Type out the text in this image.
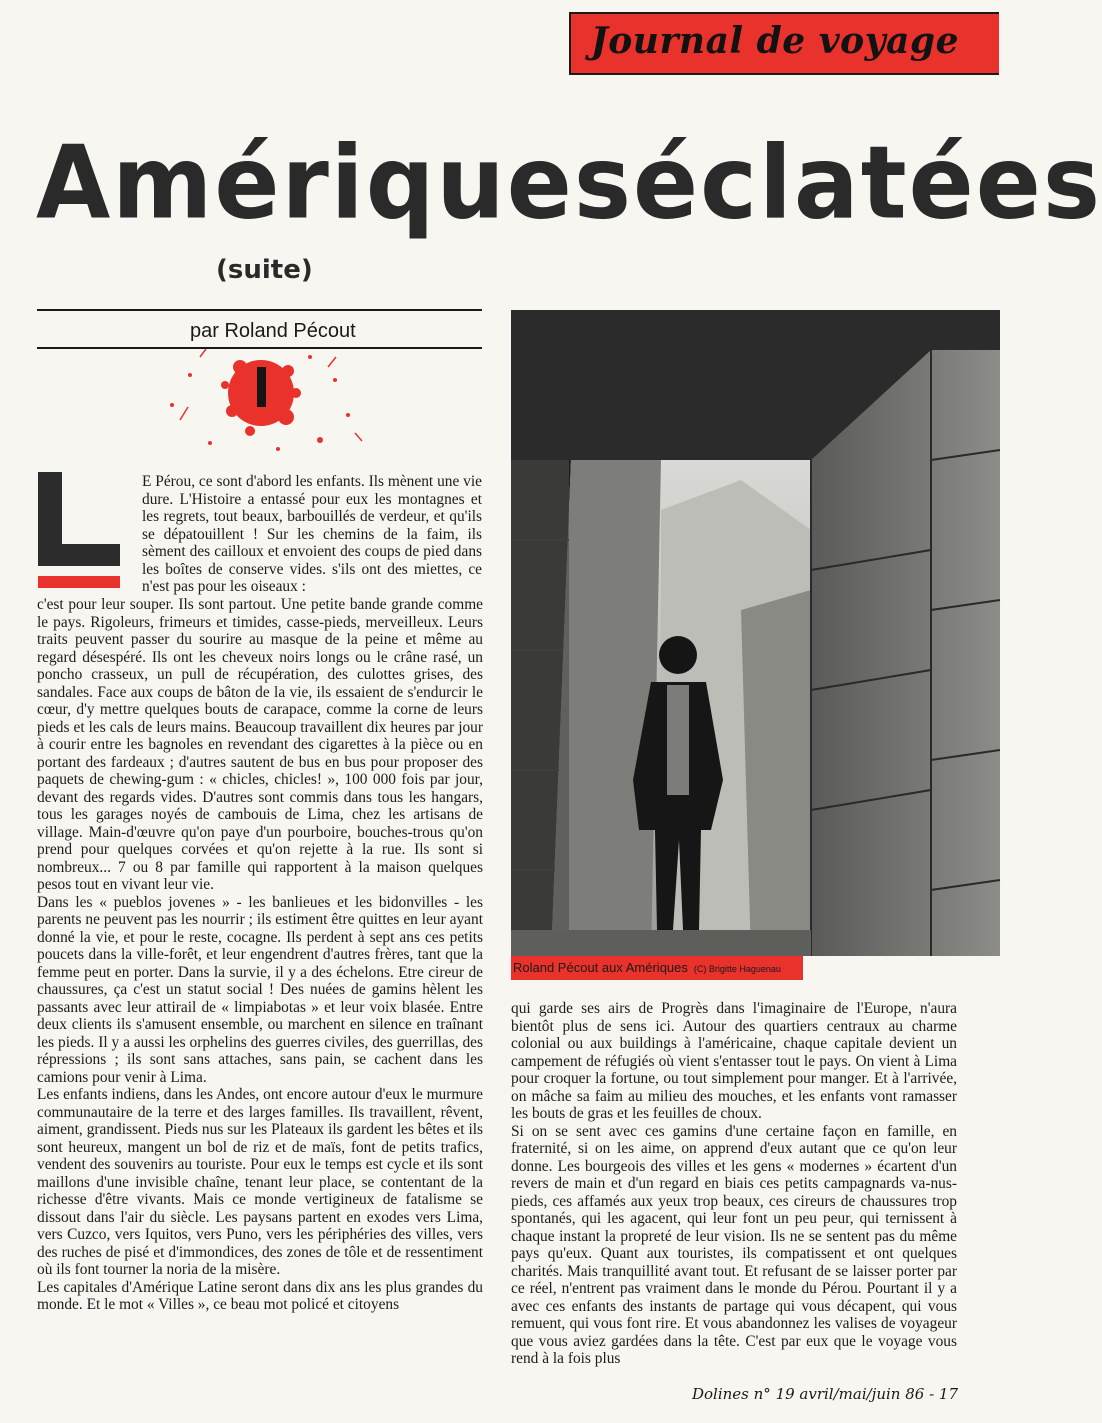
Journal de voyage
Amériques éclatées
(suite)
par Roland Pécout
L

E Pérou, ce sont d'abord les enfants. Ils mènent une vie dure. L'Histoire a entassé pour eux les montagnes et les regrets, tout beaux, barbouillés de verdeur, et qu'ils se dépatouillent ! Sur les chemins de la faim, ils sèment des cailloux et envoient des coups de pied dans les boîtes de conserve vides. s'ils ont des miettes, ce n'est pas pour les oiseaux :

c'est pour leur souper. Ils sont partout. Une petite bande grande comme le pays. Rigoleurs, frimeurs et timides, casse-pieds, merveilleux. Leurs traits peuvent passer du sourire au masque de la peine et même au regard désespéré. Ils ont les cheveux noirs longs ou le crâne rasé, un poncho crasseux, un pull de récupération, des culottes grises, des sandales. Face aux coups de bâton de la vie, ils essaient de s'endurcir le cœur, d'y mettre quelques bouts de carapace, comme la corne de leurs pieds et les cals de leurs mains. Beaucoup travaillent dix heures par jour à courir entre les bagnoles en revendant des cigarettes à la pièce ou en portant des fardeaux ; d'autres sautent de bus en bus pour proposer des paquets de chewing-gum : « chicles, chicles! », 100 000 fois par jour, devant des regards vides. D'autres sont commis dans tous les hangars, tous les garages noyés de cambouis de Lima, chez les artisans de village. Main-d'œuvre qu'on paye d'un pourboire, bouches-trous qu'on prend pour quelques corvées et qu'on rejette à la rue. Ils sont si nombreux... 7 ou 8 par famille qui rapportent à la maison quelques pesos tout en vivant leur vie.

Dans les « pueblos jovenes » - les banlieues et les bidonvilles - les parents ne peuvent pas les nourrir ; ils estiment être quittes en leur ayant donné la vie, et pour le reste, cocagne. Ils perdent à sept ans ces petits poucets dans la ville-forêt, et leur engendrent d'autres frères, tant que la femme peut en porter. Dans la survie, il y a des échelons. Etre cireur de chaussures, ça c'est un statut social ! Des nuées de gamins hèlent les passants avec leur attirail de « limpiabotas » et leur voix blasée. Entre deux clients ils s'amusent ensemble, ou marchent en silence en traînant les pieds. Il y a aussi les orphelins des guerres civiles, des guerrillas, des répressions ; ils sont sans attaches, sans pain, se cachent dans les camions pour venir à Lima.

Les enfants indiens, dans les Andes, ont encore autour d'eux le murmure communautaire de la terre et des larges familles. Ils travaillent, rêvent, aiment, grandissent. Pieds nus sur les Plateaux ils gardent les bêtes et ils sont heureux, mangent un bol de riz et de maïs, font de petits trafics, vendent des souvenirs au touriste. Pour eux le temps est cycle et ils sont maillons d'une invisible chaîne, tenant leur place, se contentant de la richesse d'être vivants. Mais ce monde vertigineux de fatalisme se dissout dans l'air du siècle. Les paysans partent en exodes vers Lima, vers Cuzco, vers Iquitos, vers Puno, vers les périphéries des villes, vers des ruches de pisé et d'immondices, des zones de tôle et de ressentiment où ils font tourner la noria de la misère.

Les capitales d'Amérique Latine seront dans dix ans les plus grandes du monde. Et le mot « Villes », ce beau mot policé et citoyens

Roland Pécout aux Amériques (C) Brigitte Haguenau

qui garde ses airs de Progrès dans l'imaginaire de l'Europe, n'aura bientôt plus de sens ici. Autour des quartiers centraux au charme colonial ou aux buildings à l'américaine, chaque capitale devient un campement de réfugiés où vient s'entasser tout le pays. On vient à Lima pour croquer la fortune, ou tout simplement pour manger. Et à l'arrivée, on mâche sa faim au milieu des mouches, et les enfants vont ramasser les bouts de gras et les feuilles de choux.

Si on se sent avec ces gamins d'une certaine façon en famille, en fraternité, si on les aime, on apprend d'eux autant que ce qu'on leur donne. Les bourgeois des villes et les gens « modernes » écartent d'un revers de main et d'un regard en biais ces petits campagnards va-nus-pieds, ces affamés aux yeux trop beaux, ces cireurs de chaussures trop spontanés, qui les agacent, qui leur font un peu peur, qui ternissent à chaque instant la propreté de leur vision. Ils ne se sentent pas du même pays qu'eux. Quant aux touristes, ils compatissent et ont quelques charités. Mais tranquillité avant tout. Et refusant de se laisser porter par ce réel, n'entrent pas vraiment dans le monde du Pérou. Pourtant il y a avec ces enfants des instants de partage qui vous décapent, qui vous remuent, qui vous font rire. Et vous abandonnez les valises de voyageur que vous aviez gardées dans la tête. C'est par eux que le voyage vous rend à la fois plus

Dolines n° 19 avril/mai/juin 86 - 17
